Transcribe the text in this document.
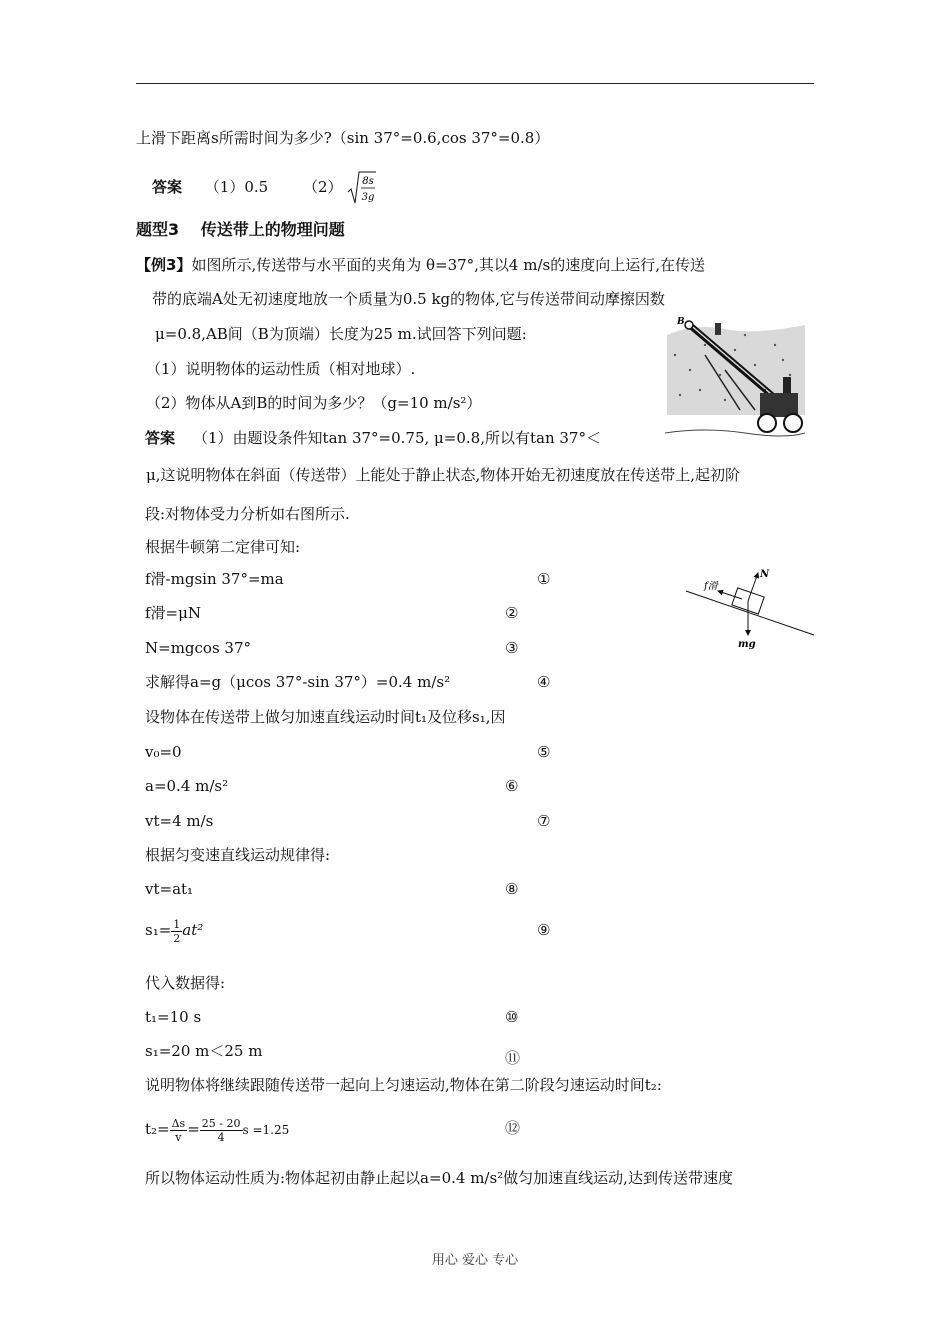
上滑下距离s所需时间为多少?（sin 37°=0.6,cos 37°=0.8）
答案 （1）0.5 （2） 8s
3g
题型3　 传送带上的物理问题
【例3】如图所示,传送带与水平面的夹角为 θ=37°,其以4 m/s的速度向上运行,在传送
带的底端A处无初速度地放一个质量为0.5 kg的物体,它与传送带间动摩擦因数
μ=0.8,AB间（B为顶端）长度为25 m.试回答下列问题:
（1）说明物体的运动性质（相对地球）.
（2）物体从A到B的时间为多少？（g=10 m/s²）
B
答案 （1）由题设条件知tan 37°=0.75, μ=0.8,所以有tan 37°＜
μ,这说明物体在斜面（传送带）上能处于静止状态,物体开始无初速度放在传送带上,起初阶
段:对物体受力分析如右图所示.
根据牛顿第二定律可知:
f滑-mgsin 37°=ma
f滑=μN
N=mgcos 37°
求解得a=g（μcos 37°-sin 37°）=0.4 m/s²
设物体在传送带上做匀加速直线运动时间t₁及位移s₁,因
v₀=0
a=0.4 m/s²
vt=4 m/s
根据匀变速直线运动规律得:
vt=at₁
$s_1= \frac{1}{2} at^2$
代入数据得:
t₁=10 s
s₁=20 m＜25 m
说明物体将继续跟随传送带一起向上匀速运动,物体在第二阶段匀速运动时间t₂:
$t_2= \frac{\Delta s}{v} = \frac{25 - 20}{4}$ s =1.25
所以物体运动性质为:物体起初由静止起以a=0.4 m/s²做匀加速直线运动,达到传送带速度
①
②
③
④
⑤
⑥
⑦
⑧
⑨
⑩
⑪
⑫
f滑
N
mg
用心 爱心 专心
